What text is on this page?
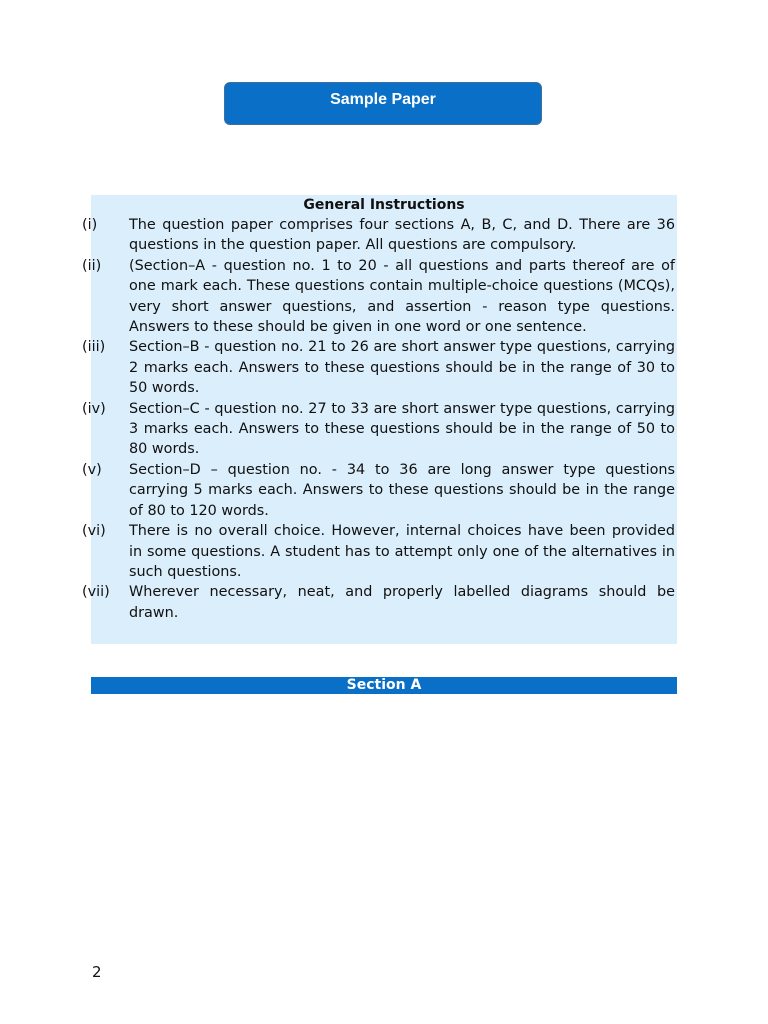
Sample Paper
General Instructions
(i) The question paper comprises four sections A, B, C, and D. There are 36 questions in the question paper. All questions are compulsory.
(ii) (Section–A - question no. 1 to 20 - all questions and parts thereof are of one mark each. These questions contain multiple-choice questions (MCQs), very short answer questions, and assertion - reason type questions. Answers to these should be given in one word or one sentence.
(iii) Section–B - question no. 21 to 26 are short answer type questions, carrying 2 marks each. Answers to these questions should be in the range of 30 to 50 words.
(iv) Section–C - question no. 27 to 33 are short answer type questions, carrying 3 marks each. Answers to these questions should be in the range of 50 to 80 words.
(v) Section–D – question no. - 34 to 36 are long answer type questions carrying 5 marks each. Answers to these questions should be in the range of 80 to 120 words.
(vi) There is no overall choice. However, internal choices have been provided in some questions. A student has to attempt only one of the alternatives in such questions.
(vii) Wherever necessary, neat, and properly labelled diagrams should be drawn.
Section A
2
